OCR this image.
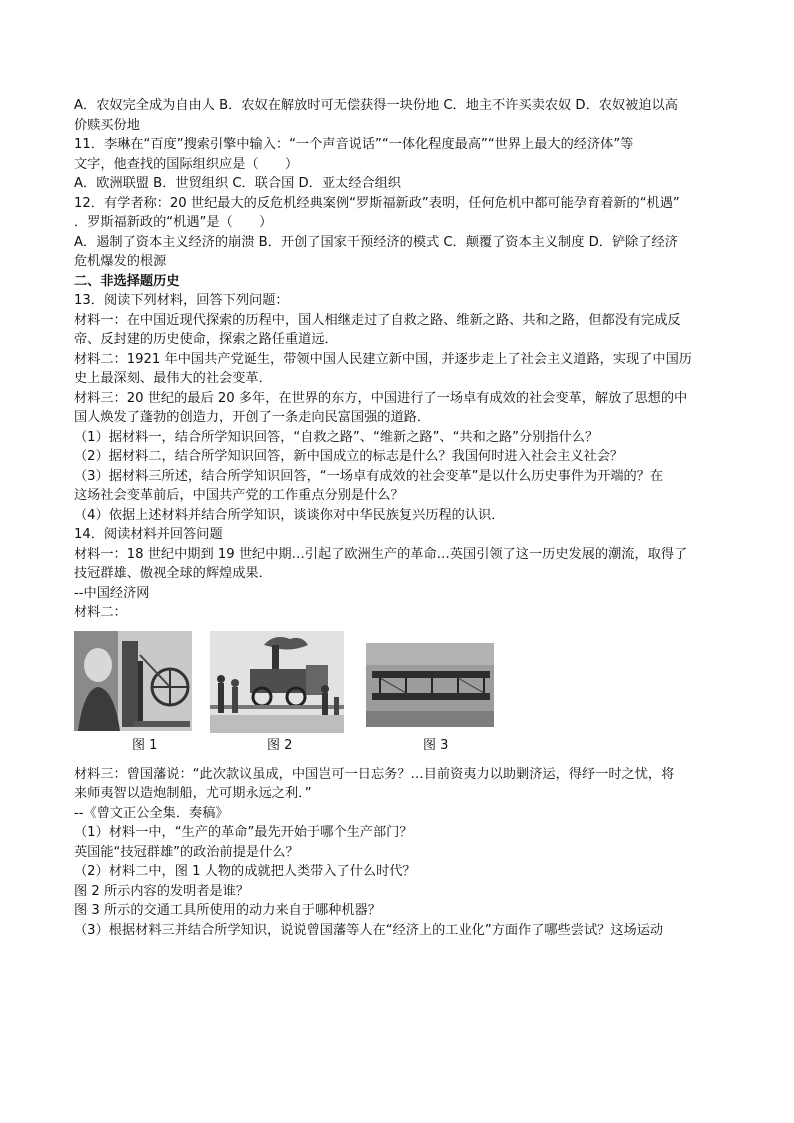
A．农奴完全成为自由人 B．农奴在解放时可无偿获得一块份地 C．地主不许买卖农奴 D．农奴被迫以高
价赎买份地
11．李琳在“百度”搜索引擎中输入：“一个声音说话”“一体化程度最高”“世界上最大的经济体”等
文字，他查找的国际组织应是（　　）
A．欧洲联盟 B．世贸组织 C．联合国 D．亚太经合组织
12．有学者称：20 世纪最大的反危机经典案例“罗斯福新政”表明，任何危机中都可能孕育着新的“机遇”
．罗斯福新政的“机遇”是（　　）
A．遏制了资本主义经济的崩溃 B．开创了国家干预经济的模式 C．颠覆了资本主义制度 D．铲除了经济
危机爆发的根源
二、非选择题历史
13．阅读下列材料，回答下列问题：
材料一：在中国近现代探索的历程中，国人相继走过了自救之路、维新之路、共和之路，但都没有完成反
帝、反封建的历史使命，探索之路任重道远．
材料二：1921 年中国共产党诞生，带领中国人民建立新中国，并逐步走上了社会主义道路，实现了中国历
史上最深刻、最伟大的社会变革．
材料三：20 世纪的最后 20 多年，在世界的东方，中国进行了一场卓有成效的社会变革，解放了思想的中
国人焕发了蓬勃的创造力，开创了一条走向民富国强的道路．
（1）据材料一，结合所学知识回答，“自救之路”、“维新之路”、“共和之路”分别指什么？
（2）据材料二，结合所学知识回答，新中国成立的标志是什么？我国何时进入社会主义社会？
（3）据材料三所述，结合所学知识回答，“一场卓有成效的社会变革”是以什么历史事件为开端的？在
这场社会变革前后，中国共产党的工作重点分别是什么？
（4）依据上述材料并结合所学知识，谈谈你对中华民族复兴历程的认识．
14．阅读材料并回答问题
材料一：18 世纪中期到 19 世纪中期…引起了欧洲生产的革命…英国引领了这一历史发展的潮流，取得了
技冠群雄、傲视全球的辉煌成果．
--中国经济网
材料二：
图 1	图 2	图 3
材料三：曾国藩说：“此次款议虽成，中国岂可一日忘务？…目前资夷力以助剿济运，得纾一时之忧，将
来师夷智以造炮制船，尤可期永远之利．”
--《曾文正公全集．奏稿》
（1）材料一中，“生产的革命”最先开始于哪个生产部门？
英国能“技冠群雄”的政治前提是什么？
（2）材料二中，图 1 人物的成就把人类带入了什么时代？
图 2 所示内容的发明者是谁？
图 3 所示的交通工具所使用的动力来自于哪种机器？
（3）根据材料三并结合所学知识，说说曾国藩等人在“经济上的工业化”方面作了哪些尝试？这场运动
